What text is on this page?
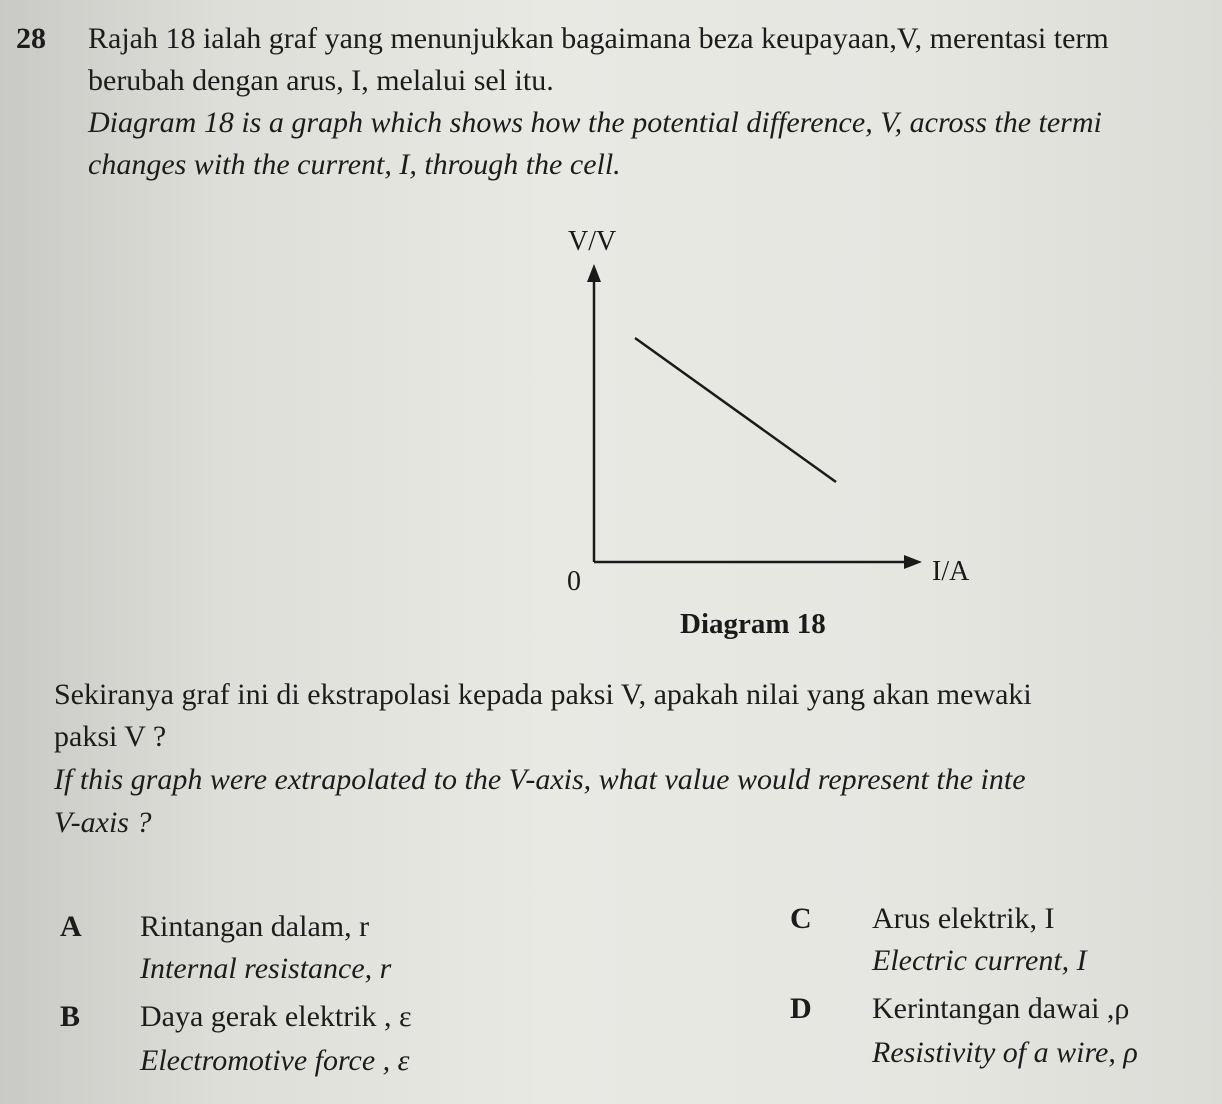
28 Rajah 18 ialah graf yang menunjukkan bagaimana beza keupayaan,V, merentasi term
berubah dengan arus, I, melalui sel itu.
Diagram 18 is a graph which shows how the potential difference, V, across the termi
changes with the current, I, through the cell.
V/V
I/A
0
Diagram 18
Sekiranya graf ini di ekstrapolasi kepada paksi V, apakah nilai yang akan mewaki
paksi V ?
If this graph were extrapolated to the V-axis, what value would represent the inte
V-axis ?
A Rintangan dalam, r
Internal resistance, r
B Daya gerak elektrik , ε
Electromotive force , ε
C Arus elektrik, I
Electric current, I
D Kerintangan dawai ,ρ
Resistivity of a wire, ρ
